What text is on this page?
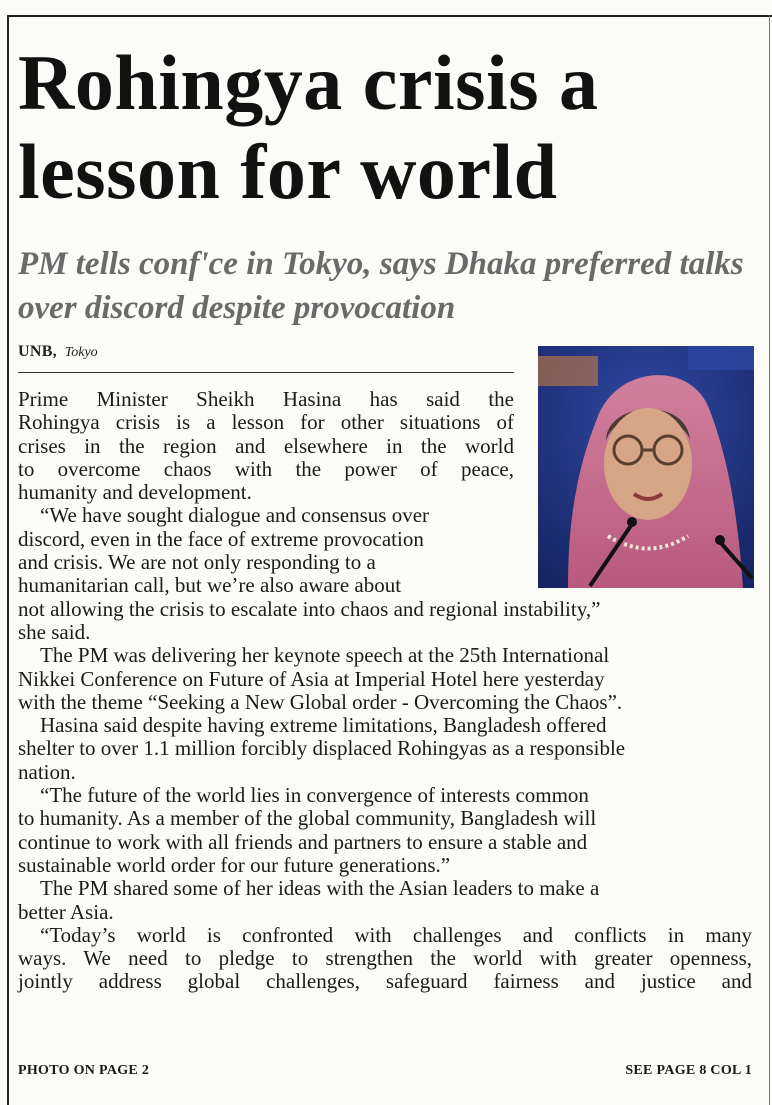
Rohingya crisis a lesson for world
PM tells conf'ce in Tokyo, says Dhaka preferred talks over discord despite provocation
UNB, Tokyo
Prime Minister Sheikh Hasina has said the
Rohingya crisis is a lesson for other situations of
crises in the region and elsewhere in the world
to overcome chaos with the power of peace,
humanity and development.
“We have sought dialogue and consensus over
discord, even in the face of extreme provocation
and crisis. We are not only responding to a
humanitarian call, but we’re also aware about
not allowing the crisis to escalate into chaos and regional instability,”
she said.
The PM was delivering her keynote speech at the 25th International
Nikkei Conference on Future of Asia at Imperial Hotel here yesterday
with the theme “Seeking a New Global order - Overcoming the Chaos”.
Hasina said despite having extreme limitations, Bangladesh offered
shelter to over 1.1 million forcibly displaced Rohingyas as a responsible
nation.
“The future of the world lies in convergence of interests common
to humanity. As a member of the global community, Bangladesh will
continue to work with all friends and partners to ensure a stable and
sustainable world order for our future generations.”
The PM shared some of her ideas with the Asian leaders to make a
better Asia.
“Today’s world is confronted with challenges and conflicts in many
ways. We need to pledge to strengthen the world with greater openness,
jointly address global challenges, safeguard fairness and justice and
PHOTO ON PAGE 2	SEE PAGE 8 COL 1
